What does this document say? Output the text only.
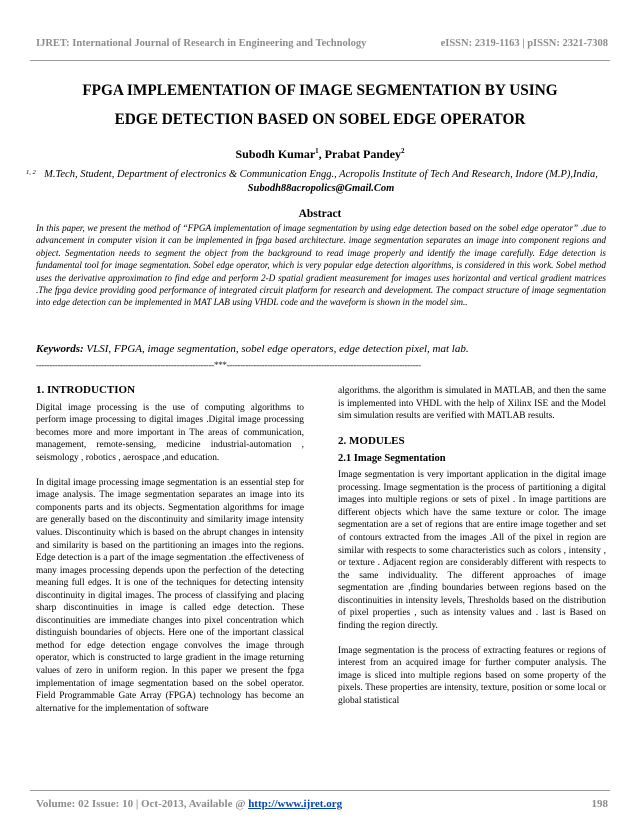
IJRET: International Journal of Research in Engineering and Technology	eISSN: 2319-1163 | pISSN: 2321-7308
FPGA IMPLEMENTATION OF IMAGE SEGMENTATION BY USING
EDGE DETECTION BASED ON SOBEL EDGE OPERATOR
Subodh Kumar$^1$, Prabat Pandey$^2$
1, 2 M.Tech, Student, Department of electronics & Communication Engg., Acropolis Institute of Tech And Research, Indore (M.P),India, Subodh88acropolics@Gmail.Com
Abstract
In this paper, we present the method of “FPGA implementation of image segmentation by using edge detection based on the sobel edge operator” .due to advancement in computer vision it can be implemented in fpga based architecture. image segmentation separates an image into component regions and object. Segmentation needs to segment the object from the background to read image properly and identify the image carefully. Edge detection is fundamental tool for image segmentation. Sobel edge operator, which is very popular edge detection algorithms, is considered in this work. Sobel method uses the derivative approximation to find edge and perform 2-D spatial gradient measurement for images uses horizontal and vertical gradient matrices .The fpga device providing good performance of integrated circuit platform for research and development. The compact structure of image segmentation into edge detection can be implemented in MAT LAB using VHDL code and the waveform is shown in the model sim..
Keywords: VLSI, FPGA, image segmentation, sobel edge operators, edge detection pixel, mat lab.
------------------------------------------------------------------***------------------------------------------------------------------------
1. INTRODUCTION

Digital image processing is the use of computing algorithms to perform image processing to digital images .Digital image processing becomes more and more important in The areas of communication, management, remote-sensing, medicine industrial-automation , seismology , robotics , aerospace ,and education.

In digital image processing image segmentation is an essential step for image analysis. The image segmentation separates an image into its components parts and its objects. Segmentation algorithms for image are generally based on the discontinuity and similarity image intensity values. Discontinuity which is based on the abrupt changes in intensity and similarity is based on the partitioning an images into the regions. Edge detection is a part of the image segmentation .the effectiveness of many images processing depends upon the perfection of the detecting meaning full edges. It is one of the techniques for detecting intensity discontinuity in digital images. The process of classifying and placing sharp discontinuities in image is called edge detection. These discontinuities are immediate changes into pixel concentration which distinguish boundaries of objects. Here one of the important classical method for edge detection engage convolves the image through operator, which is constructed to large gradient in the image returning values of zero in uniform region. In this paper we present the fpga implementation of image segmentation based on the sobel operator. Field Programmable Gate Array (FPGA) technology has become an alternative for the implementation of software

algorithms. the algorithm is simulated in MATLAB, and then the same is implemented into VHDL with the help of Xilinx ISE and the Model sim simulation results are verified with MATLAB results.

2. MODULES
2.1 Image Segmentation

Image segmentation is very important application in the digital image processing. Image segmentation is the process of partitioning a digital images into multiple regions or sets of pixel . In image partitions are different objects which have the same texture or color. The image segmentation are a set of regions that are entire image together and set of contours extracted from the images .All of the pixel in region are similar with respects to some characteristics such as colors , intensity , or texture . Adjacent region are considerably different with respects to the same individuality. The different approaches of image segmentation are ,finding boundaries between regions based on the discontinuities in intensity levels, Thresholds based on the distribution of pixel properties , such as intensity values and . last is Based on finding the region directly.

Image segmentation is the process of extracting features or regions of interest from an acquired image for further computer analysis. The image is sliced into multiple regions based on some property of the pixels. These properties are intensity, texture, position or some local or global statistical

Volume: 02 Issue: 10 | Oct-2013, Available @ http://www.ijret.org	198
